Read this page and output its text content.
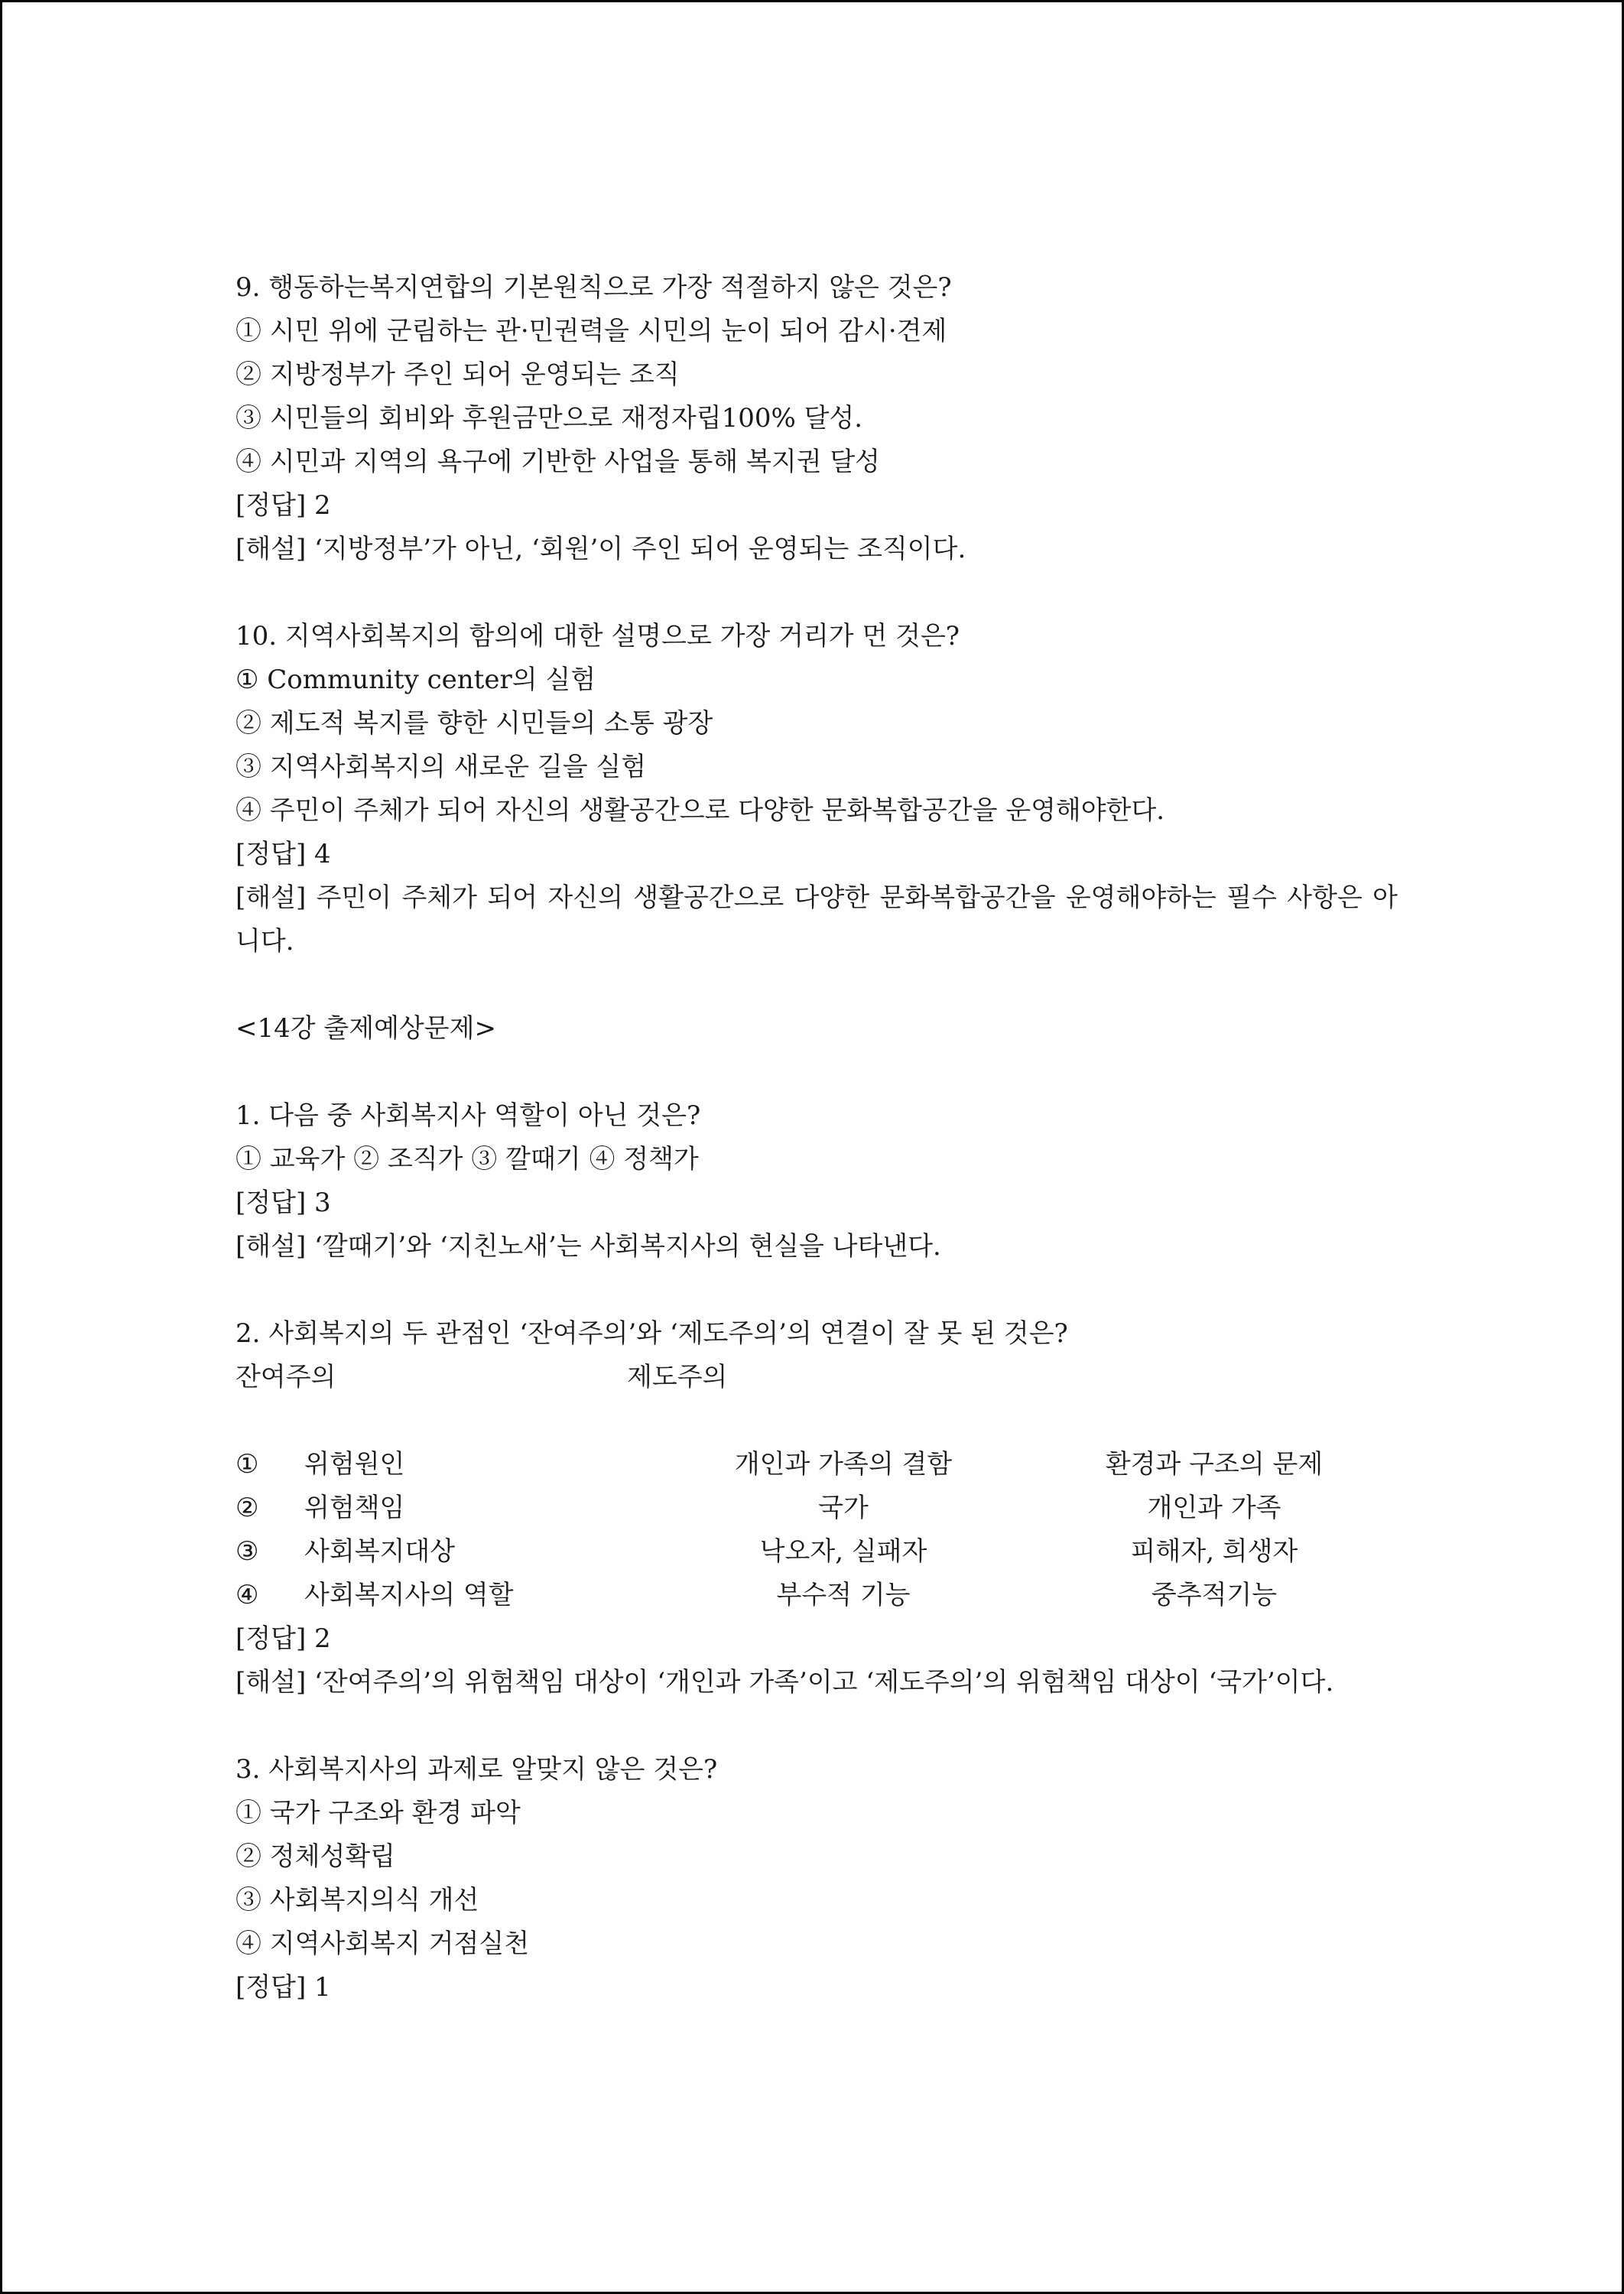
9. 행동하는복지연합의 기본원칙으로 가장 적절하지 않은 것은?
① 시민 위에 군림하는 관·민권력을 시민의 눈이 되어 감시·견제
② 지방정부가 주인 되어 운영되는 조직
③ 시민들의 회비와 후원금만으로 재정자립100% 달성.
④ 시민과 지역의 욕구에 기반한 사업을 통해 복지권 달성
[정답] 2
[해설] ‘지방정부’가 아닌, ‘회원’이 주인 되어 운영되는 조직이다.
10. 지역사회복지의 함의에 대한 설명으로 가장 거리가 먼 것은?
① Community center의 실험
② 제도적 복지를 향한 시민들의 소통 광장
③ 지역사회복지의 새로운 길을 실험
④ 주민이 주체가 되어 자신의 생활공간으로 다양한 문화복합공간을 운영해야한다.
[정답] 4
[해설] 주민이 주체가 되어 자신의 생활공간으로 다양한 문화복합공간을 운영해야하는 필수 사항은 아니다.
<14강 출제예상문제>
1. 다음 중 사회복지사 역할이 아닌 것은?
① 교육가 ② 조직가 ③ 깔때기 ④ 정책가
[정답] 3
[해설] ‘깔때기’와 ‘지친노새’는 사회복지사의 현실을 나타낸다.
2. 사회복지의 두 관점인 ‘잔여주의’와 ‘제도주의’의 연결이 잘 못 된 것은?
잔여주의	제도주의
① 위험원인	개인과 가족의 결함	환경과 구조의 문제
② 위험책임	국가	개인과 가족
③ 사회복지대상	낙오자, 실패자	피해자, 희생자
④ 사회복지사의 역할	부수적 기능	중추적기능
[정답] 2
[해설] ‘잔여주의’의 위험책임 대상이 ‘개인과 가족’이고 ‘제도주의’의 위험책임 대상이 ‘국가’이다.
3. 사회복지사의 과제로 알맞지 않은 것은?
① 국가 구조와 환경 파악
② 정체성확립
③ 사회복지의식 개선
④ 지역사회복지 거점실천
[정답] 1
